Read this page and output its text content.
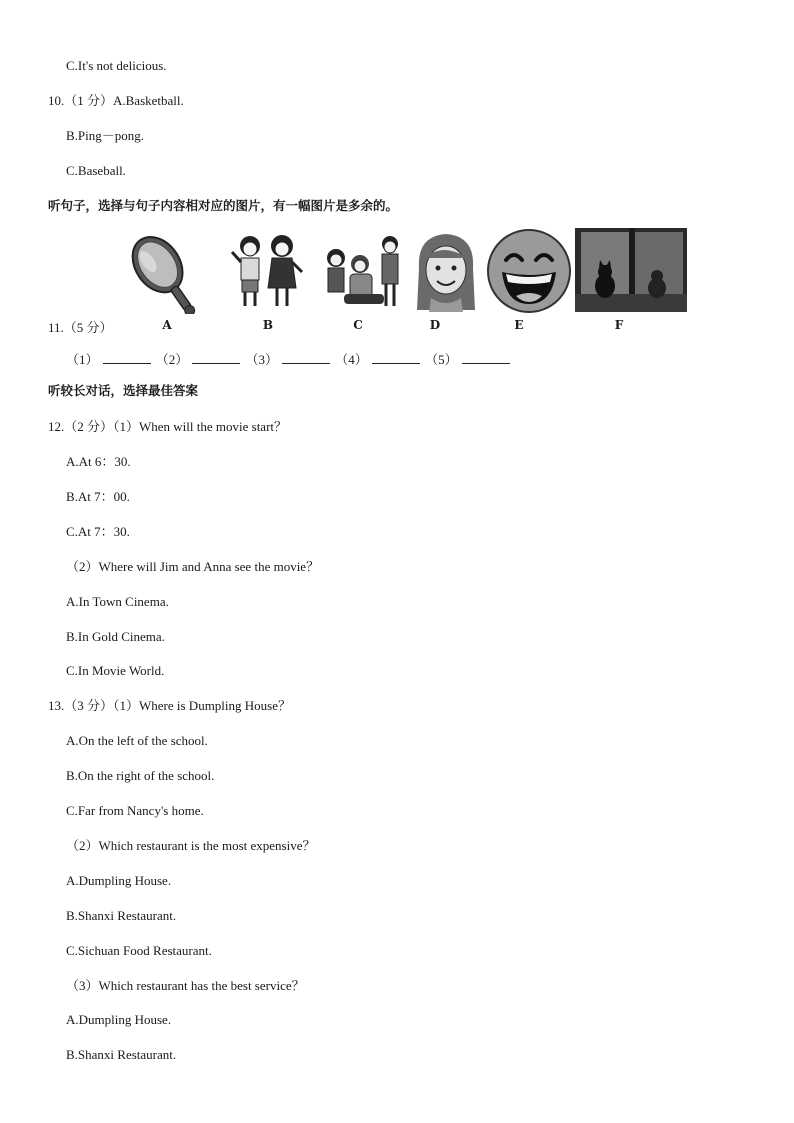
C.It's not delicious.
10.（1 分）A.Basketball.
B.Ping－pong.
C.Baseball.
听句子，选择与句子内容相对应的图片，有一幅图片是多余的。
A	B	C	D	E	F
11.（5 分）
（1）	（2）	（3）	（4）	（5）
听较长对话，选择最佳答案
12.（2 分）（1）When will the movie start？
A.At 6：30.
B.At 7：00.
C.At 7：30.
（2）Where will Jim and Anna see the movie？
A.In Town Cinema.
B.In Gold Cinema.
C.In Movie World.
13.（3 分）（1）Where is Dumpling House？
A.On the left of the school.
B.On the right of the school.
C.Far from Nancy's home.
（2）Which restaurant is the most expensive？
A.Dumpling House.
B.Shanxi Restaurant.
C.Sichuan Food Restaurant.
（3）Which restaurant has the best service？
A.Dumpling House.
B.Shanxi Restaurant.
